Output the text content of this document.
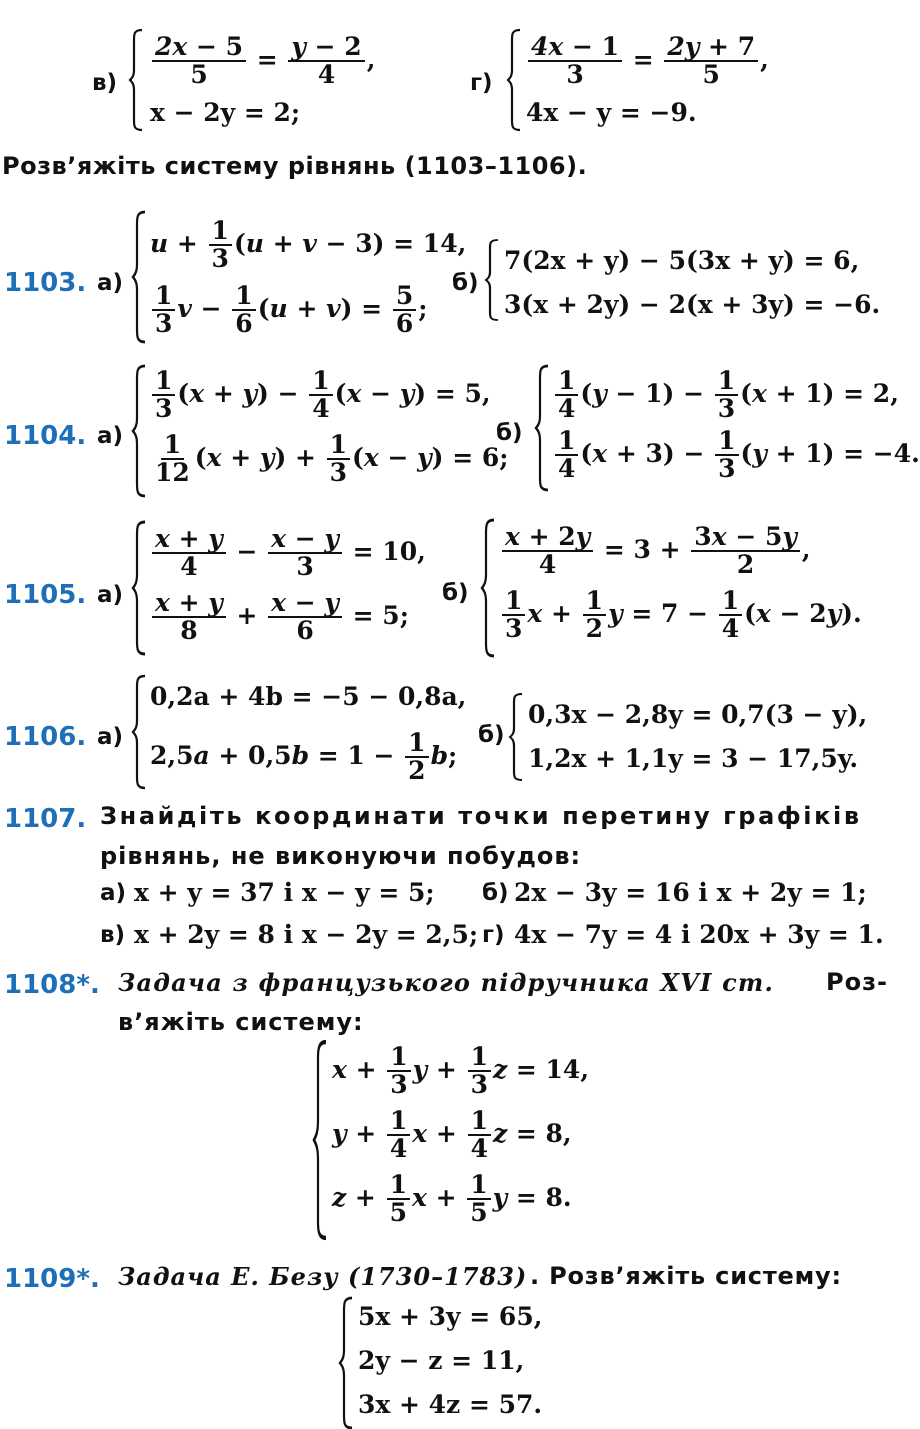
$в) \frac{2x - 5}{5} = \frac{y - 2}{4}$ ,
x − 2y = 2;
$г) \frac{4x - 1}{3} = \frac{2y + 7}{5}$ ,
4x − y = −9.
Розв’яжіть систему рівнянь (1103–1106).
1103. а)
$u + \frac{1}{3} (u + v - 3) = 14$,
$\frac{1}{3}$ $v - \frac{1}{6} (u + v) = \frac{5}{6}$ ;
б)
7(2x + y) − 5(3x + y) = 6,
3(x + 2y) − 2(x + 3y) = −6.
1104. а)
$\frac{1}{3} (x + y) - \frac{1}{4} (x - y) = 5$,
$\frac{1}{12} (x + y) + \frac{1}{3} (x - y) = 6$;
б)
$\frac{1}{4} (y - 1) - \frac{1}{3} (x + 1) = 2$,
$\frac{1}{4} (x + 3) - \frac{1}{3} (y + 1) = -4$.
1105. а)
$\frac{x + y}{4} - \frac{x - y}{3} = 10$,
$\frac{x + y}{8} + \frac{x - y}{6} = 5$;
б)
$\frac{x + 2y}{4} = 3 + \frac{3x - 5y}{2}$ ,
$\frac{1}{3}$ $x + \frac{1}{2}$ $y = 7 - \frac{1}{4} (x - 2y)$.
1106. а)
0,2a + 4b = −5 − 0,8a,
$2,5a + 0,5b = 1 - \frac{1}{2} b$;
б)
0,3x − 2,8y = 0,7(3 − y),
1,2x + 1,1y = 3 − 17,5y.
1107. Знайдіть координати точки перетину графіків
рівнянь, не виконуючи побудов:
а) x + y = 37 і x − y = 5; б) 2x − 3y = 16 і x + 2y = 1;
в) x + 2y = 8 і x − 2y = 2,5; г) 4x − 7y = 4 і 20x + 3y = 1.
1108*. Задача з французького підручника XVI ст. Роз-
в’яжіть систему:
$x + \frac{1}{3}$ $y + \frac{1}{3}$ z = 14,
$y + \frac{1}{4}$ $x + \frac{1}{4}$ z = 8,
$z + \frac{1}{5}$ $x + \frac{1}{5}$ y = 8.
1109*. Задача Е. Безу (1730–1783) . Розв’яжіть систему:
5x + 3y = 65,
2y − z = 11,
3x + 4z = 57.
